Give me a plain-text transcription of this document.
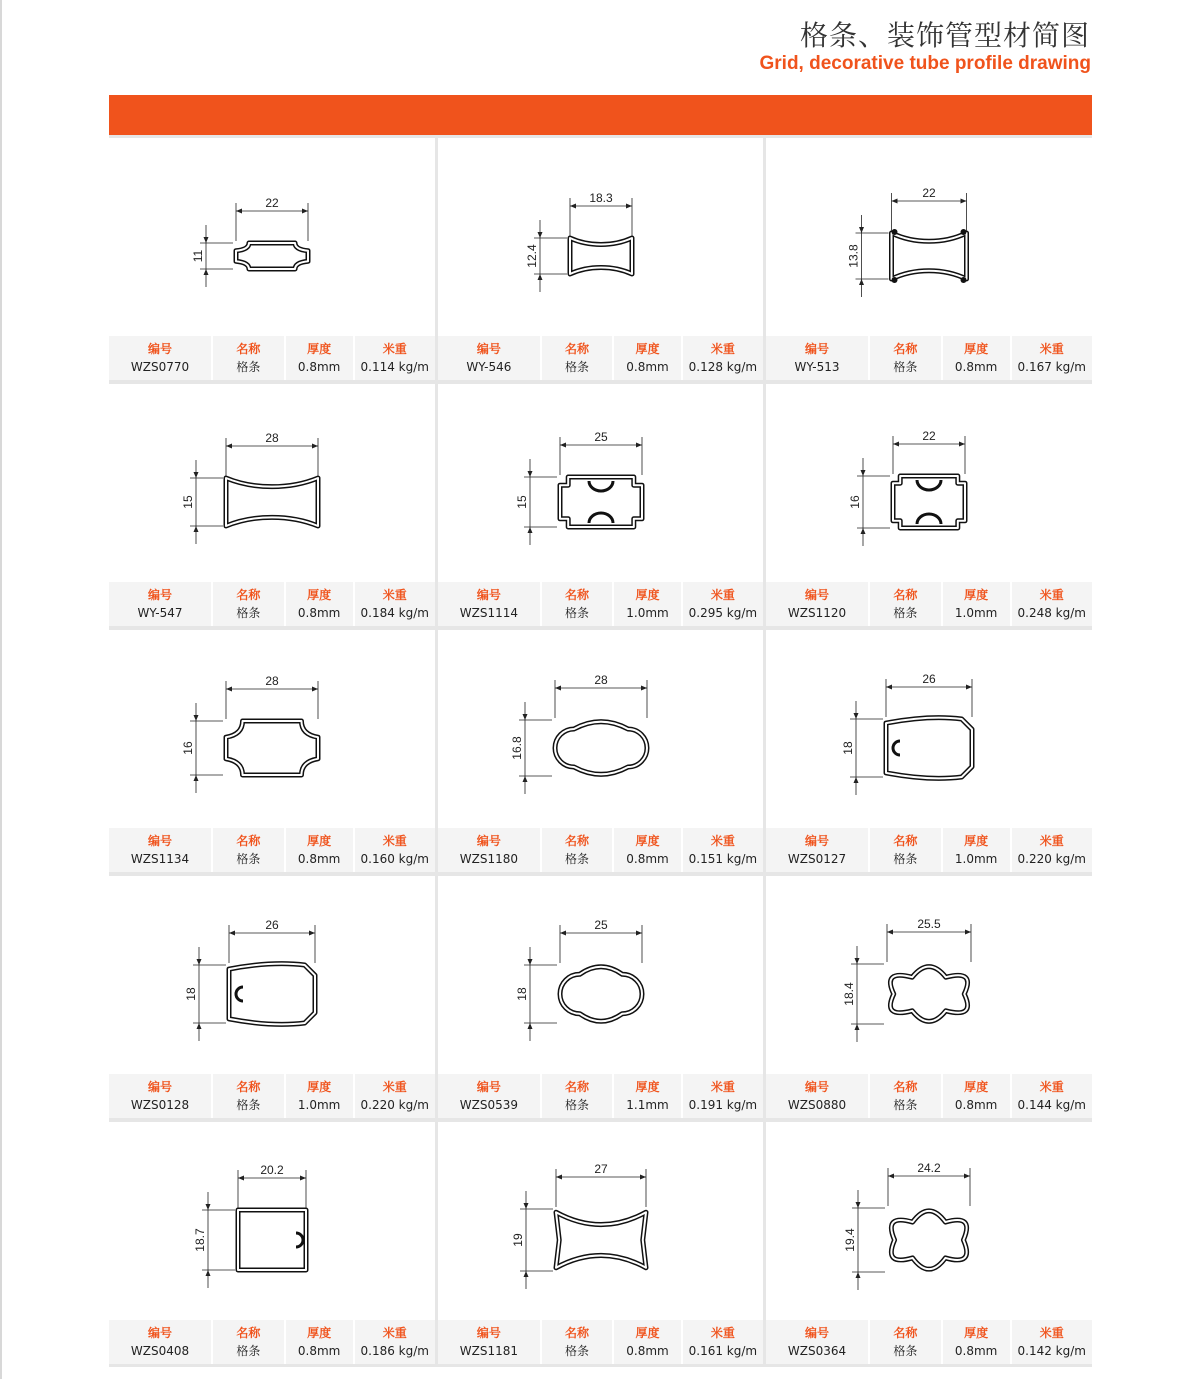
格条、装饰管型材简图
Grid, decorative tube profile drawing
22
11
编号
WZS0770
名称
格条
厚度
0.8mm
米重
0.114 kg/m
18.3
12.4
编号
WY-546
名称
格条
厚度
0.8mm
米重
0.128 kg/m
22
13.8
编号
WY-513
名称
格条
厚度
0.8mm
米重
0.167 kg/m
28
15
编号
WY-547
名称
格条
厚度
0.8mm
米重
0.184 kg/m
25
15
编号
WZS1114
名称
格条
厚度
1.0mm
米重
0.295 kg/m
22
16
编号
WZS1120
名称
格条
厚度
1.0mm
米重
0.248 kg/m
28
16
编号
WZS1134
名称
格条
厚度
0.8mm
米重
0.160 kg/m
28
16.8
编号
WZS1180
名称
格条
厚度
0.8mm
米重
0.151 kg/m
26
18
编号
WZS0127
名称
格条
厚度
1.0mm
米重
0.220 kg/m
26
18
编号
WZS0128
名称
格条
厚度
1.0mm
米重
0.220 kg/m
25
18
编号
WZS0539
名称
格条
厚度
1.1mm
米重
0.191 kg/m
25.5
18.4
编号
WZS0880
名称
格条
厚度
0.8mm
米重
0.144 kg/m
20.2
18.7
编号
WZS0408
名称
格条
厚度
0.8mm
米重
0.186 kg/m
27
19
编号
WZS1181
名称
格条
厚度
0.8mm
米重
0.161 kg/m
24.2
19.4
编号
WZS0364
名称
格条
厚度
0.8mm
米重
0.142 kg/m
